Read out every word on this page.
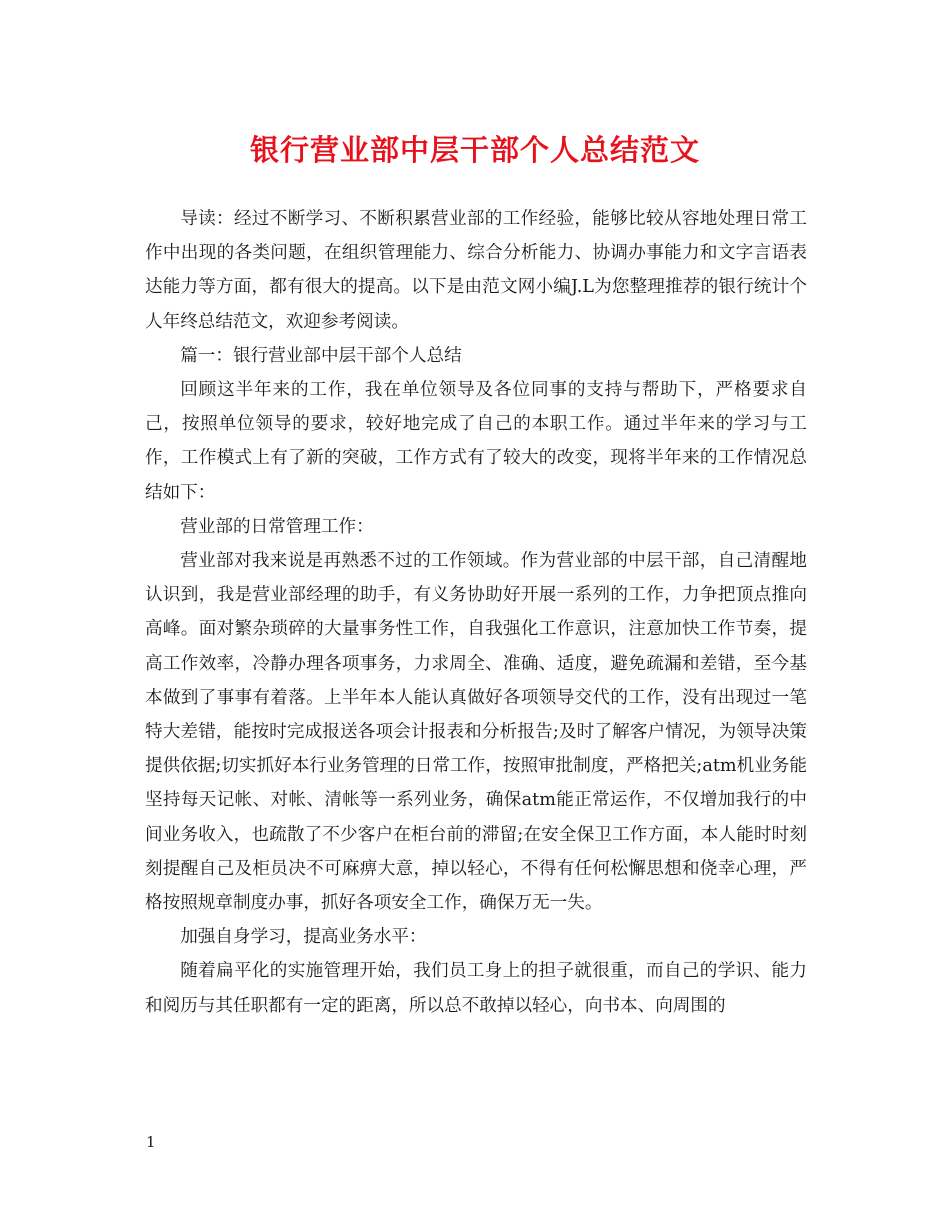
银行营业部中层干部个人总结范文

导读：经过不断学习、不断积累营业部的工作经验，能够比较从容地处理日常工作中出现的各类问题，在组织管理能力、综合分析能力、协调办事能力和文字言语表达能力等方面，都有很大的提高。以下是由范文网小编J.L为您整理推荐的银行统计个人年终总结范文，欢迎参考阅读。

篇一：银行营业部中层干部个人总结

回顾这半年来的工作，我在单位领导及各位同事的支持与帮助下，严格要求自己，按照单位领导的要求，较好地完成了自己的本职工作。通过半年来的学习与工作，工作模式上有了新的突破，工作方式有了较大的改变，现将半年来的工作情况总结如下：

营业部的日常管理工作：

营业部对我来说是再熟悉不过的工作领域。作为营业部的中层干部，自己清醒地认识到，我是营业部经理的助手，有义务协助好开展一系列的工作，力争把顶点推向高峰。面对繁杂琐碎的大量事务性工作，自我强化工作意识，注意加快工作节奏，提高工作效率，冷静办理各项事务，力求周全、准确、适度，避免疏漏和差错，至今基本做到了事事有着落。上半年本人能认真做好各项领导交代的工作，没有出现过一笔特大差错，能按时完成报送各项会计报表和分析报告;及时了解客户情况，为领导决策提供依据;切实抓好本行业务管理的日常工作，按照审批制度，严格把关;atm机业务能坚持每天记帐、对帐、清帐等一系列业务，确保atm能正常运作，不仅增加我行的中间业务收入，也疏散了不少客户在柜台前的滞留;在安全保卫工作方面，本人能时时刻刻提醒自己及柜员决不可麻痹大意，掉以轻心，不得有任何松懈思想和侥幸心理，严格按照规章制度办事，抓好各项安全工作，确保万无一失。

加强自身学习，提高业务水平：

随着扁平化的实施管理开始，我们员工身上的担子就很重，而自己的学识、能力和阅历与其任职都有一定的距离，所以总不敢掉以轻心，向书本、向周围的

1
